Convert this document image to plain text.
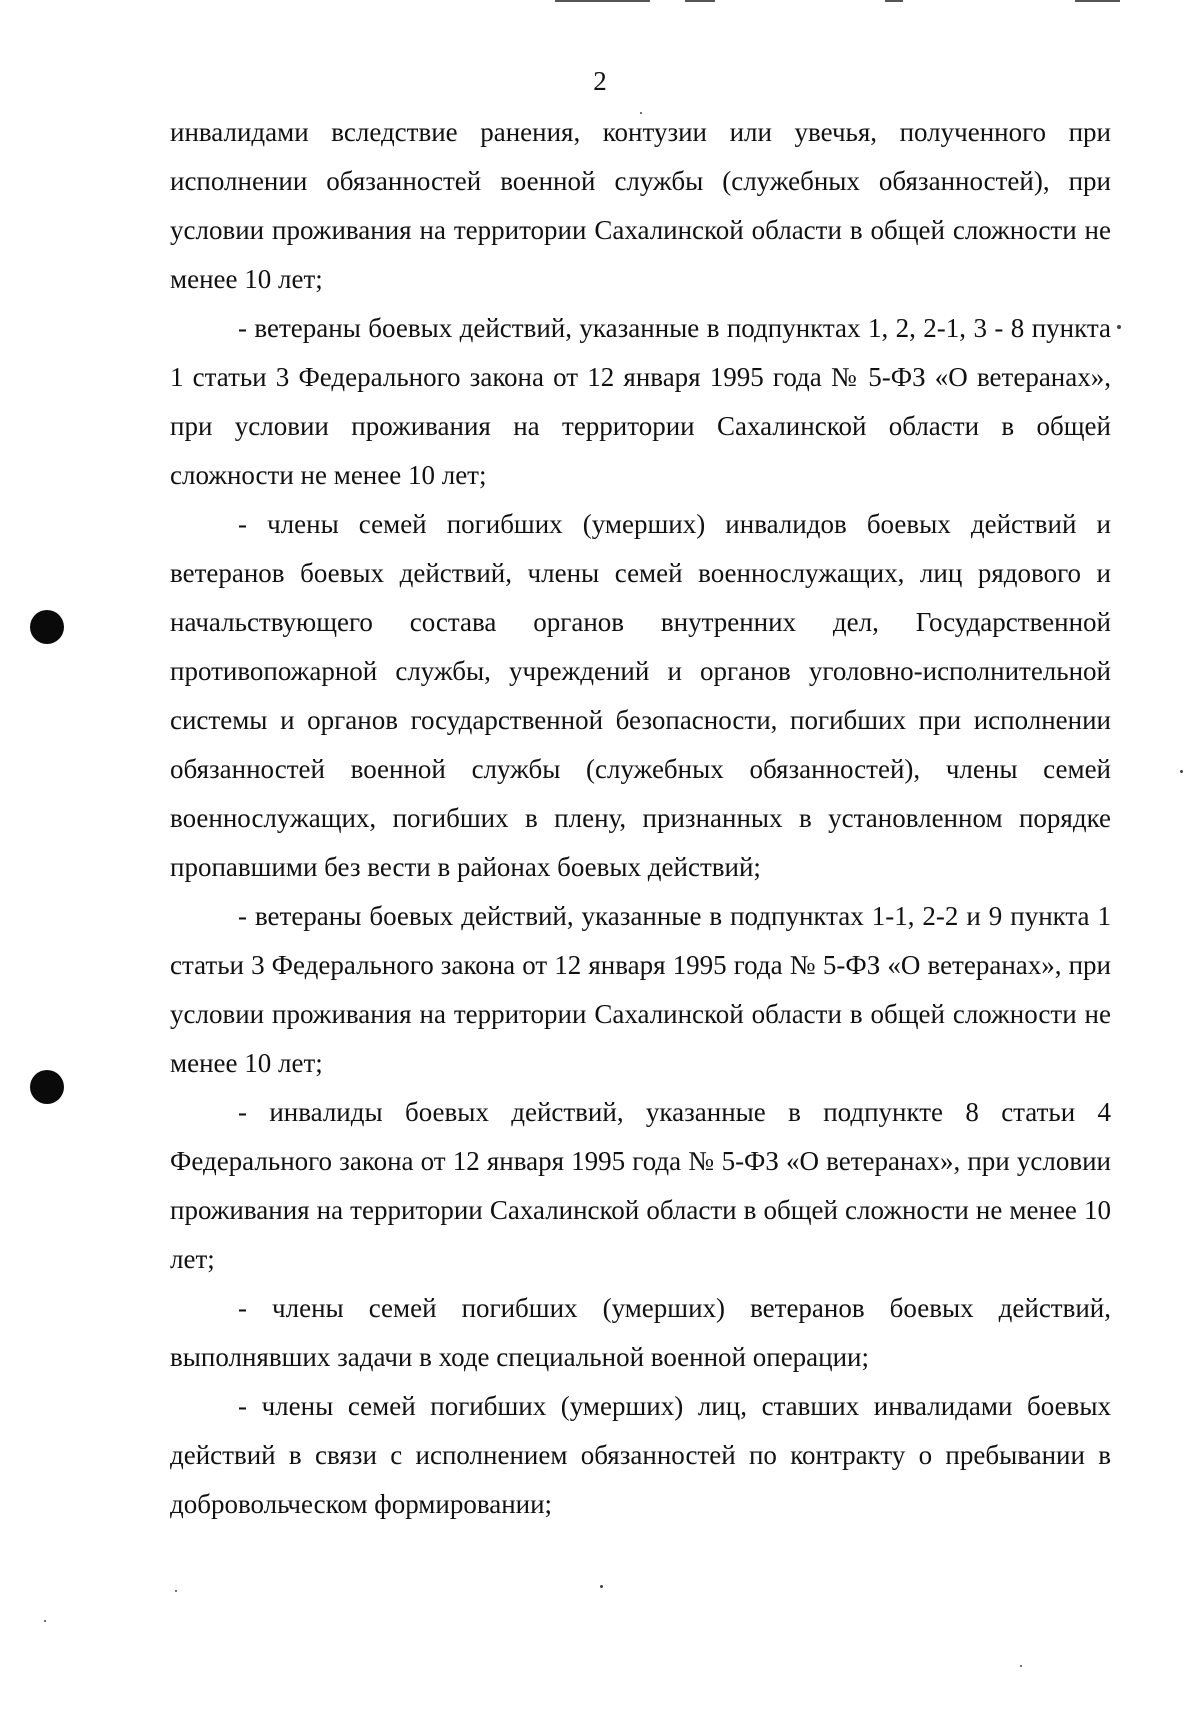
2

инвалидами вследствие ранения, контузии или увечья, полученного при исполнении обязанностей военной службы (служебных обязанностей), при условии проживания на территории Сахалинской области в общей сложности не менее 10 лет;

- ветераны боевых действий, указанные в подпунктах 1, 2, 2-1, 3 - 8 пункта 1 статьи 3 Федерального закона от 12 января 1995 года № 5-ФЗ «О ветеранах», при условии проживания на территории Сахалинской области в общей сложности не менее 10 лет;

- члены семей погибших (умерших) инвалидов боевых действий и ветеранов боевых действий, члены семей военнослужащих, лиц рядового и начальствующего состава органов внутренних дел, Государственной противопожарной службы, учреждений и органов уголовно-исполнительной системы и органов государственной безопасности, погибших при исполнении обязанностей военной службы (служебных обязанностей), члены семей военнослужащих, погибших в плену, признанных в установленном порядке пропавшими без вести в районах боевых действий;

- ветераны боевых действий, указанные в подпунктах 1-1, 2-2 и 9 пункта 1 статьи 3 Федерального закона от 12 января 1995 года № 5-ФЗ «О ветеранах», при условии проживания на территории Сахалинской области в общей сложности не менее 10 лет;

- инвалиды боевых действий, указанные в подпункте 8 статьи 4 Федерального закона от 12 января 1995 года № 5-ФЗ «О ветеранах», при условии проживания на территории Сахалинской области в общей сложности не менее 10 лет;

- члены семей погибших (умерших) ветеранов боевых действий, выполнявших задачи в ходе специальной военной операции;

- члены семей погибших (умерших) лиц, ставших инвалидами боевых действий в связи с исполнением обязанностей по контракту о пребывании в добровольческом формировании;
